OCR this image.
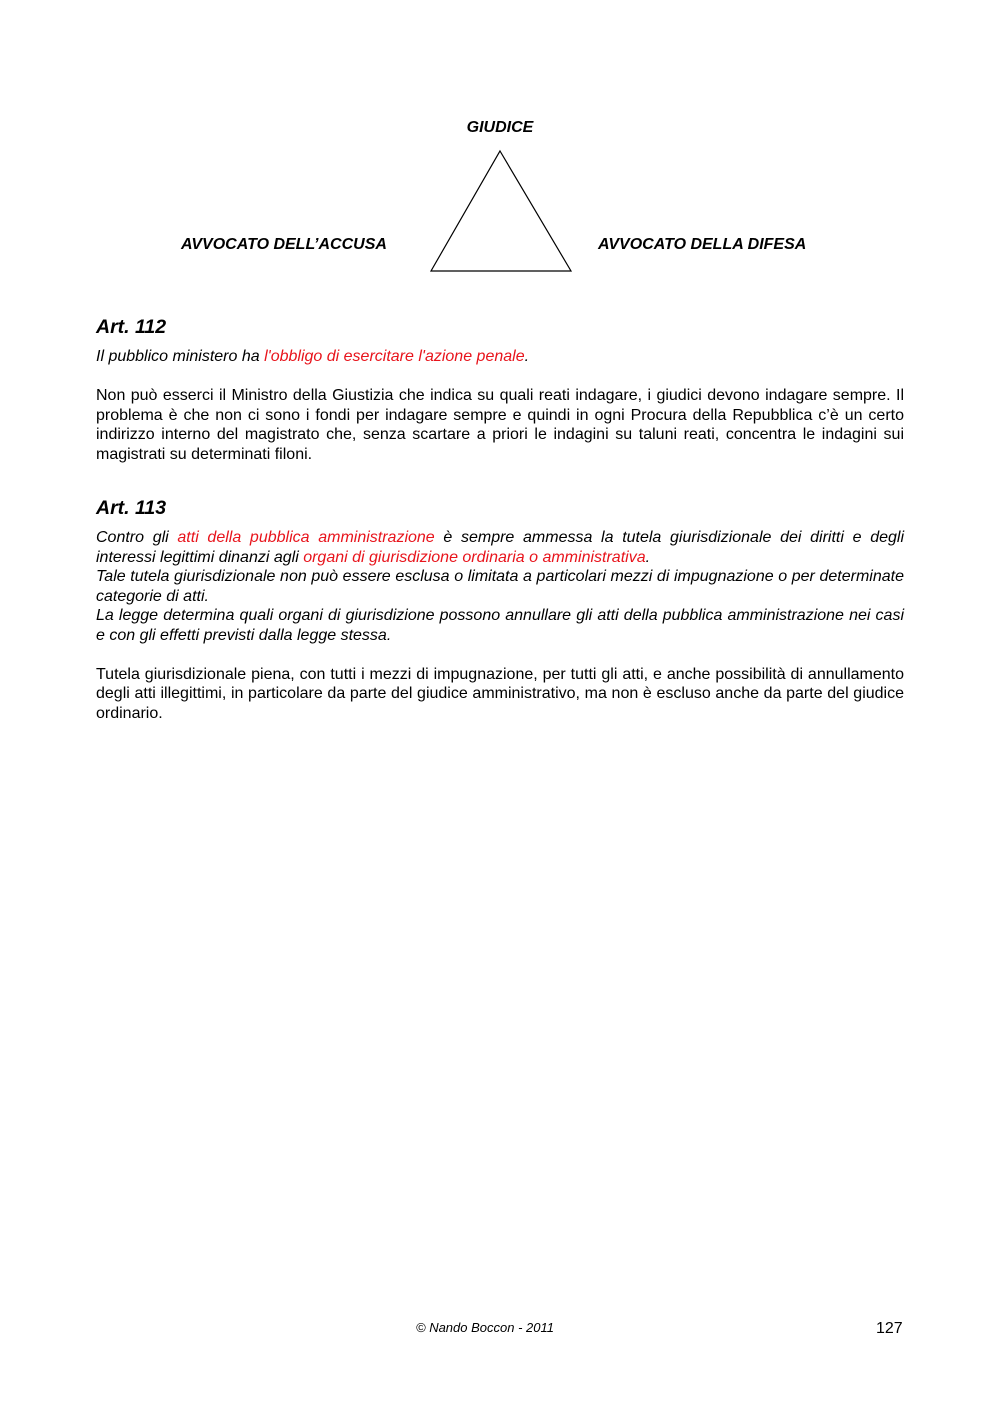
GIUDICE
AVVOCATO DELL’ACCUSA	AVVOCATO DELLA DIFESA
Art. 112

Il pubblico ministero ha l'obbligo di esercitare l'azione penale.

Non può esserci il Ministro della Giustizia che indica su quali reati indagare, i giudici devono indagare sempre. Il problema è che non ci sono i fondi per indagare sempre e quindi in ogni Procura della Repubblica c’è un certo indirizzo interno del magistrato che, senza scartare a priori le indagini su taluni reati, concentra le indagini sui magistrati su determinati filoni.

Art. 113

Contro gli atti della pubblica amministrazione è sempre ammessa la tutela giurisdizionale dei diritti e degli interessi legittimi dinanzi agli organi di giurisdizione ordinaria o amministrativa.

Tale tutela giurisdizionale non può essere esclusa o limitata a particolari mezzi di impugnazione o per determinate categorie di atti.

La legge determina quali organi di giurisdizione possono annullare gli atti della pubblica amministrazione nei casi e con gli effetti previsti dalla legge stessa.

Tutela giurisdizionale piena, con tutti i mezzi di impugnazione, per tutti gli atti, e anche possibilità di annullamento degli atti illegittimi, in particolare da parte del giudice amministrativo, ma non è escluso anche da parte del giudice ordinario.

© Nando Boccon - 2011	127
